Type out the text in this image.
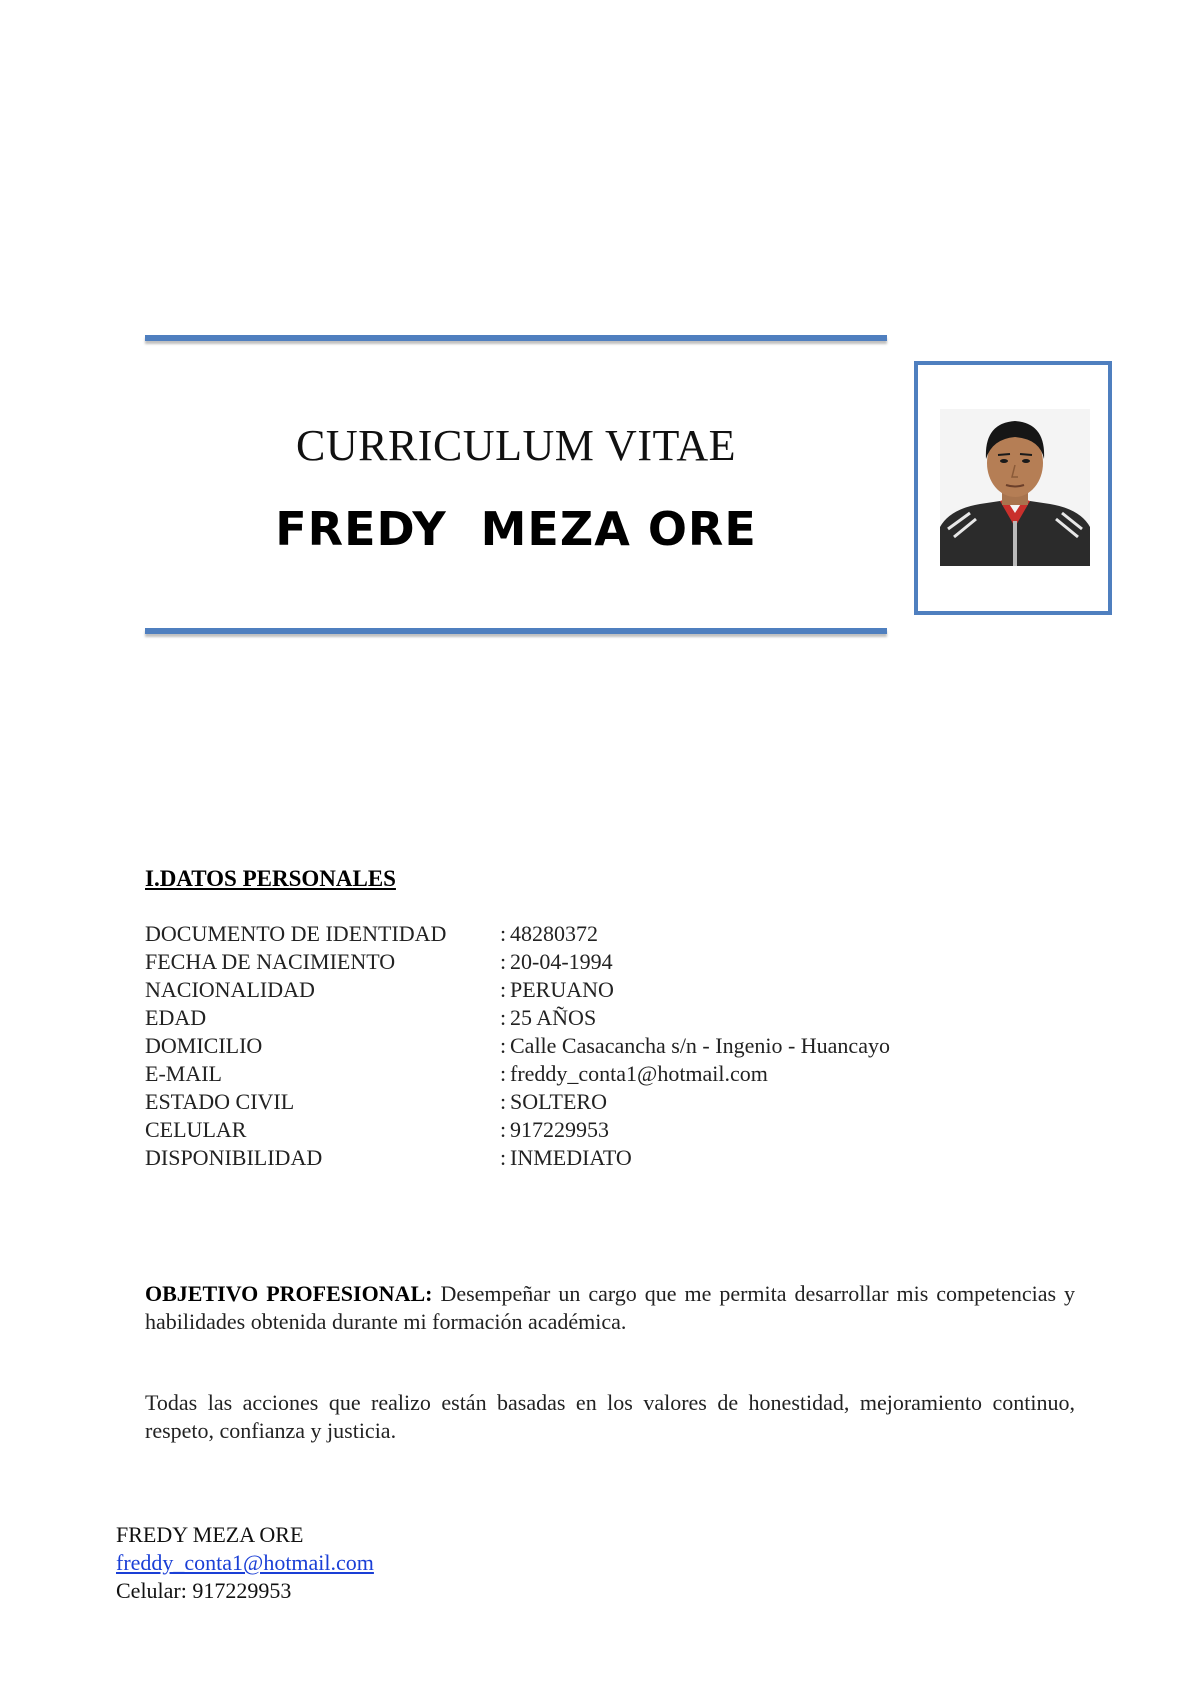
CURRICULUM VITAE
FREDY  MEZA ORE
I.DATOS PERSONALES
DOCUMENTO DE IDENTIDAD : 48280372
FECHA DE NACIMIENTO	: 20-04-1994
NACIONALIDAD	: PERUANO
EDAD	: 25 AÑOS
DOMICILIO	: Calle Casacancha s/n - Ingenio - Huancayo
E-MAIL	: freddy_conta1@hotmail.com
ESTADO CIVIL	: SOLTERO
CELULAR	: 917229953
DISPONIBILIDAD	: INMEDIATO
OBJETIVO PROFESIONAL: Desempeñar un cargo que me permita desarrollar mis competencias y habilidades obtenida durante mi formación académica.
Todas las acciones que realizo están basadas en los valores de honestidad, mejoramiento continuo, respeto, confianza y justicia.
FREDY MEZA ORE
freddy_conta1@hotmail.com
Celular: 917229953
